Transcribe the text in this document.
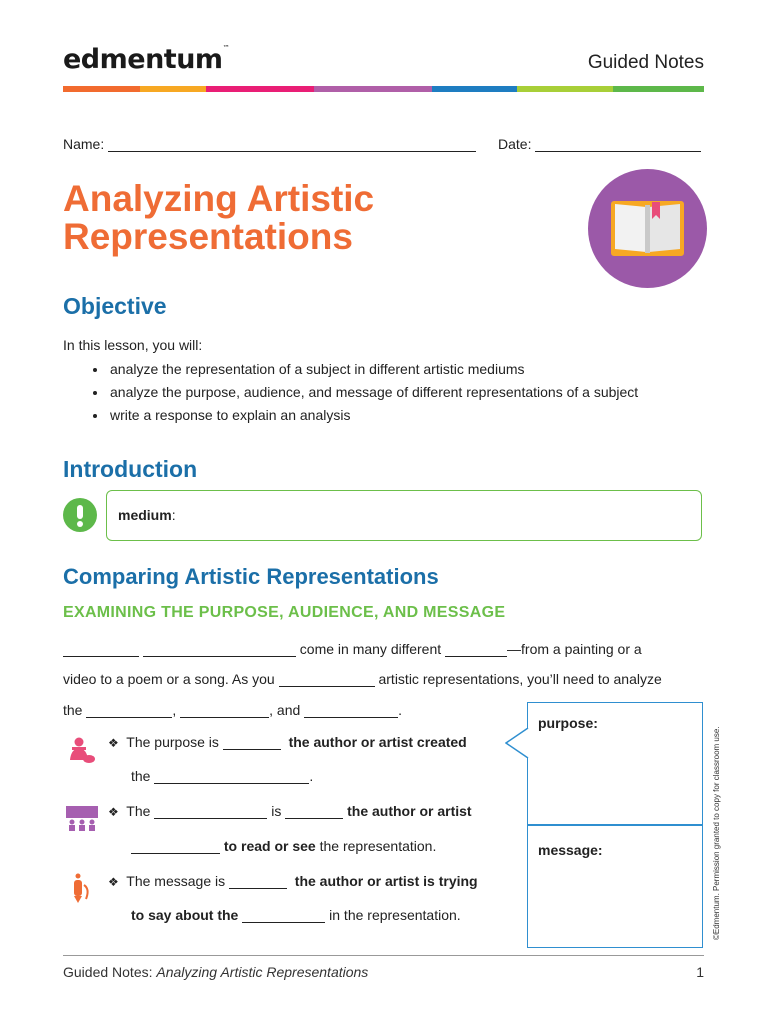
edmentum™
Guided Notes
Name:	Date:
Analyzing Artistic Representations
Objective
In this lesson, you will:
• analyze the representation of a subject in different artistic mediums
• analyze the purpose, audience, and message of different representations of a subject
• write a response to explain an analysis
Introduction
medium:
Comparing Artistic Representations
EXAMINING THE PURPOSE, AUDIENCE, AND MESSAGE
come in many different	—from a painting or a
video to a poem or a song. As you	artistic representations, you’ll need to analyze
the	,	, and	.
❖ The purpose is	the author or artist created
the	.
❖ The	is	the author or artist
to read or see the representation.
❖ The message is	the author or artist is trying
to say about the	in the representation.
purpose:
message:	©Edmentum. Permission granted to copy for classroom use.
Guided Notes: Analyzing Artistic Representations	1
